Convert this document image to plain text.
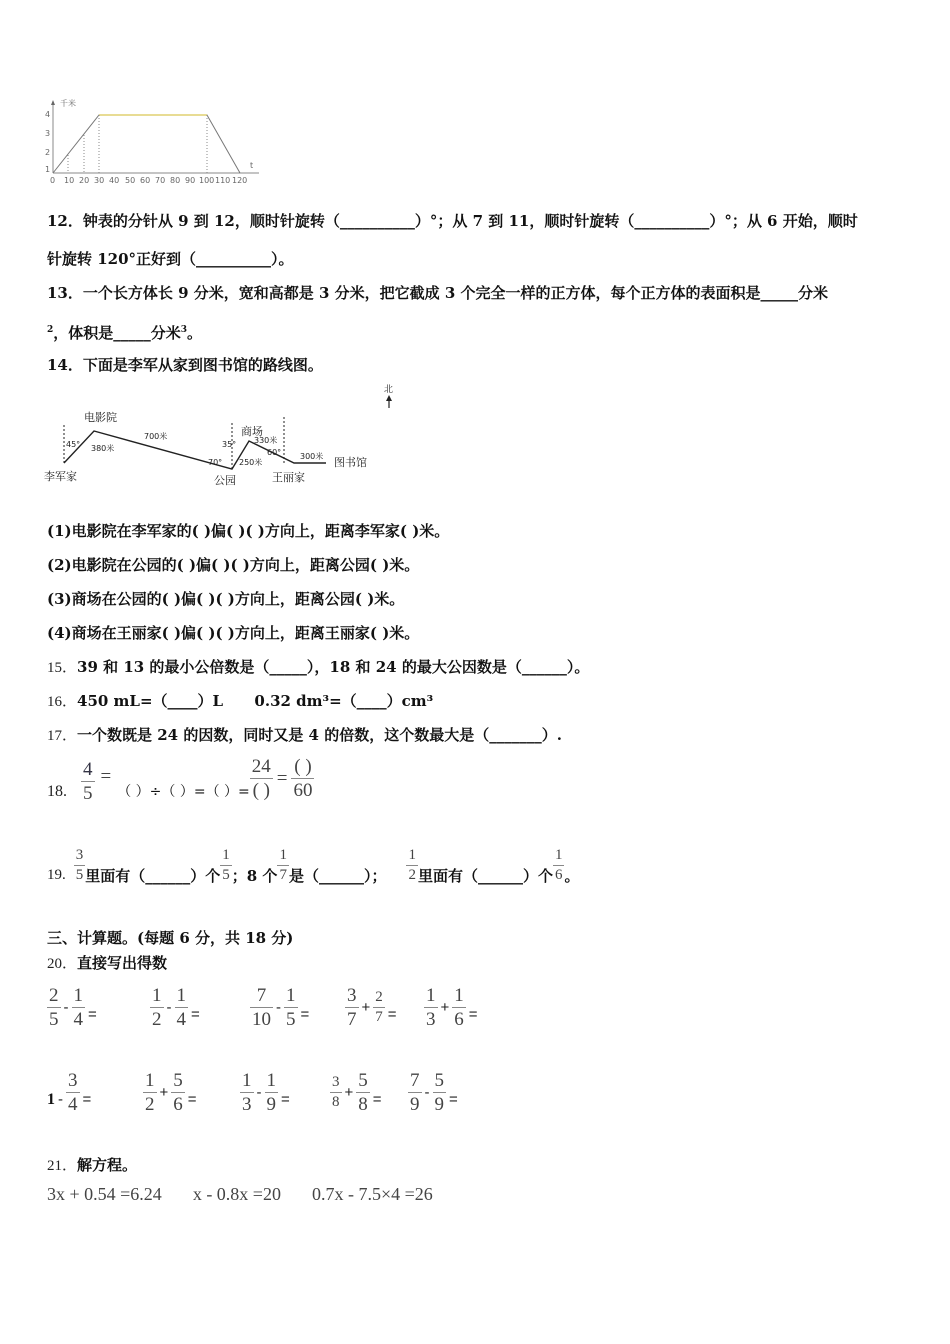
千米
t
4
3
2
1
0 10 20 30 40 50 60 70 80 90 100 110 120
12．钟表的分针从 9 到 12，顺时针旋转（__________）°；从 7 到 11，顺时针旋转（__________）°；从 6 开始，顺时
针旋转 120°正好到（__________）。
13．一个长方体长 9 分米，宽和高都是 3 分米，把它截成 3 个完全一样的正方体，每个正方体的表面积是_____分米
$^2$，体积是_____分米$^3$。
14．下面是李军从家到图书馆的路线图。
北
李军家
电影院
公园
商场
王丽家
图书馆
380米
700米
250米
330米
300米
45°
70°
35°
60°
(1)电影院在李军家的( )偏( )( )方向上，距离李军家( )米。
(2)电影院在公园的( )偏( )( )方向上，距离公园( )米。
(3)商场在公园的( )偏( )( )方向上，距离公园( )米。
(4)商场在王丽家( )偏( )( )方向上，距离王丽家( )米。
15．39 和 13 的最小公倍数是（_____），18 和 24 的最大公因数是（______）。
16．450 mL=（____）L      0.32 dm³=（____）cm³
17．一个数既是 24 的因数，同时又是 4 的倍数，这个数最大是（_______）.
18. $\frac{4}{5}$ =
（ ）÷（ ）=（ ）= $\frac{24}{( )} = \frac{( )}{60}$
19. $\frac{3}{5}$ 里面有（______）个 $\frac{1}{5}$ ；8 个 $\frac{1}{7}$ 是（______）； $\frac{1}{2}$ 里面有（______）个 $\frac{1}{6}$ 。
三、计算题。(每题 6 分，共 18 分)
20．直接写出得数
$\frac{2}{5} - \frac{1}{4}$ =	$\frac{1}{2} - \frac{1}{4}$ =	$\frac{7}{10} - \frac{1}{5} = \frac{3}{7} + \frac{2}{7} = \frac{1}{3} + \frac{1}{6}$ =
$1 - \frac{3}{4}$ =	$\frac{1}{2} + \frac{5}{6} = \frac{1}{3} - \frac{1}{9}$ =	$\frac{3}{8} + \frac{5}{8} = \frac{7}{9} - \frac{5}{9}$ =
21．解方程。
3x + 0.54 =6.24 x - 0.8x =20 0.7x - 7.5×4 =26
